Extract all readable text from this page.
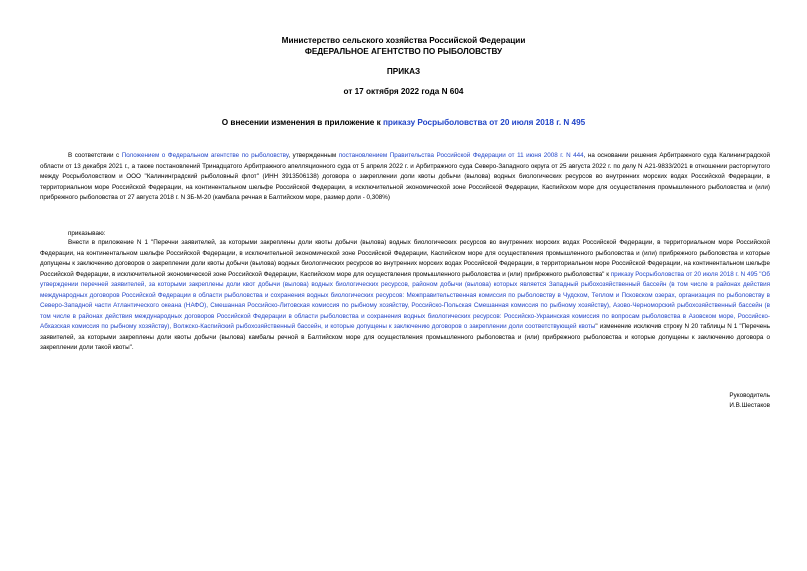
Министерство сельского хозяйства Российской Федерации
ФЕДЕРАЛЬНОЕ АГЕНТСТВО ПО РЫБОЛОВСТВУ
ПРИКАЗ
от 17 октября 2022 года N 604
О внесении изменения в приложение к приказу Росрыболовства от 20 июля 2018 г. N 495
В соответствии с Положением о Федеральном агентстве по рыболовству, утвержденным постановлением Правительства Российской Федерации от 11 июня 2008 г. N 444, на основании решения Арбитражного суда Калининградской области от 13 декабря 2021 г., а также постановлений Тринадцатого Арбитражного апелляционного суда от 5 апреля 2022 г. и Арбитражного суда Северо-Западного округа от 25 августа 2022 г. по делу N А21-9833/2021 в отношении расторгнутого между Росрыболовством и ООО "Калининградский рыболовный флот" (ИНН 3913506138) договора о закреплении доли квоты добычи (вылова) водных биологических ресурсов во внутренних морских водах Российской Федерации, в территориальном море Российской Федерации, на континентальном шельфе Российской Федерации, в исключительной экономической зоне Российской Федерации, Каспийском море для осуществления промышленного рыболовства и (или) прибрежного рыболовства от 27 августа 2018 г. N 3Б-М-20 (камбала речная в Балтийском море, размер доли - 0,308%)
приказываю:
Внести в приложение N 1 "Перечни заявителей, за которыми закреплены доли квоты добычи (вылова) водных биологических ресурсов во внутренних морских водах Российской Федерации, в территориальном море Российской Федерации, на континентальном шельфе Российской Федерации, в исключительной экономической зоне Российской Федерации, Каспийском море для осуществления промышленного рыболовства и (или) прибрежного рыболовства и которые допущены к заключению договоров о закреплении доли квоты добычи (вылова) водных биологических ресурсов во внутренних морских водах Российской Федерации, в территориальном море Российской Федерации, на континентальном шельфе Российской Федерации, в исключительной экономической зоне Российской Федерации, Каспийском море для осуществления промышленного рыболовства и (или) прибрежного рыболовства" к приказу Росрыболовства от 20 июля 2018 г. N 495 "Об утверждении перечней заявителей, за которыми закреплены доли квот добычи (вылова) водных биологических ресурсов, районом добычи (вылова) которых является Западный рыбохозяйственный бассейн (в том числе в районах действия международных договоров Российской Федерации в области рыболовства и сохранения водных биологических ресурсов: Межправительственная комиссия по рыболовству в Чудском, Теплом и Псковском озерах, организация по рыболовству в Северо-Западной части Атлантического океана (НАФО), Смешанная Российско-Литовская комиссия по рыбному хозяйству, Российско-Польская Смешанная комиссия по рыбному хозяйству), Азово-Черноморский рыбохозяйственный бассейн (в том числе в районах действия международных договоров Российской Федерации в области рыболовства и сохранения водных биологических ресурсов: Российско-Украинская комиссия по вопросам рыболовства в Азовском море, Российско-Абхазская комиссия по рыбному хозяйству), Волжско-Каспийский рыбохозяйственный бассейн, и которые допущены к заключению договоров о закреплении доли соответствующей квоты" изменение исключив строку N 20 таблицы N 1 "Перечень заявителей, за которыми закреплены доли квоты добычи (вылова) камбалы речной в Балтийском море для осуществления промышленного рыболовства и (или) прибрежного рыболовства и которые допущены к заключению договора о закреплении доли такой квоты".
Руководитель
И.В.Шестаков
